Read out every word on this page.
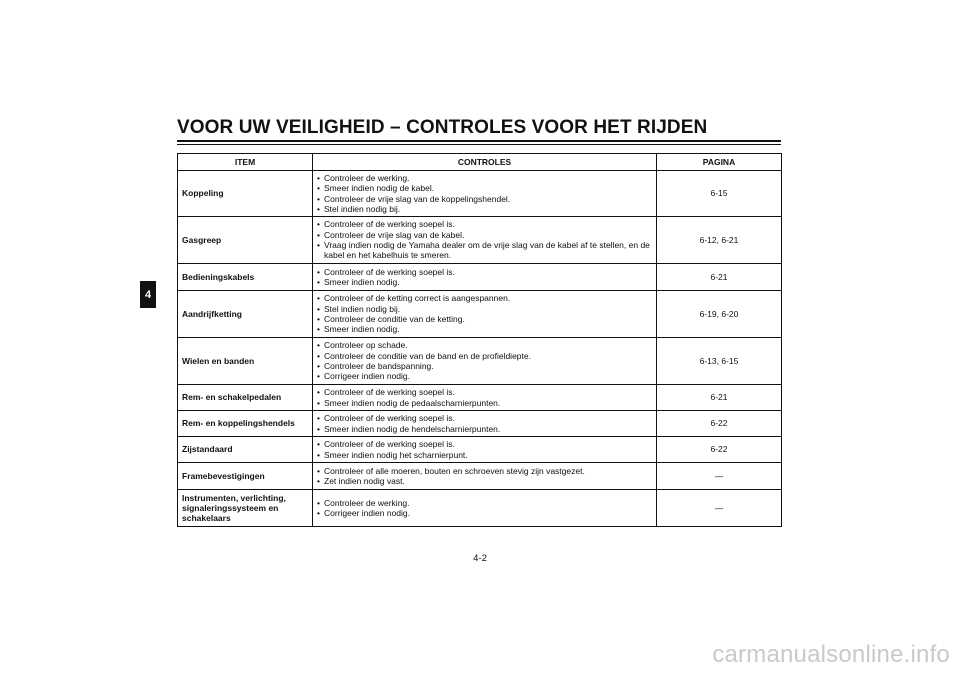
VOOR UW VEILIGHEID – CONTROLES VOOR HET RIJDEN
4
ITEM	CONTROLES	PAGINA
Koppeling	• Controleer de werking.
• Smeer indien nodig de kabel.
• Controleer de vrije slag van de koppelingshendel.
• Stel indien nodig bij.	6-15
Gasgreep	• Controleer of de werking soepel is.
• Controleer de vrije slag van de kabel.
• Vraag indien nodig de Yamaha dealer om de vrije slag van de kabel af te stellen, en de kabel en het kabelhuis te smeren.	6-12, 6-21
Bedieningskabels	• Controleer of de werking soepel is.
• Smeer indien nodig.	6-21
Aandrijfketting	• Controleer of de ketting correct is aangespannen.
• Stel indien nodig bij.
• Controleer de conditie van de ketting.
• Smeer indien nodig.	6-19, 6-20
Wielen en banden	• Controleer op schade.
• Controleer de conditie van de band en de profieldiepte.
• Controleer de bandspanning.
• Corrigeer indien nodig.	6-13, 6-15
Rem- en schakelpedalen	• Controleer of de werking soepel is.
• Smeer indien nodig de pedaalscharnierpunten.	6-21
Rem- en koppelingshendels	• Controleer of de werking soepel is.
• Smeer indien nodig de hendelscharnierpunten.	6-22
Zijstandaard	• Controleer of de werking soepel is.
• Smeer indien nodig het scharnierpunt.	6-22
Framebevestigingen	• Controleer of alle moeren, bouten en schroeven stevig zijn vastgezet.
• Zet indien nodig vast.	—
Instrumenten, verlichting, signaleringssysteem en schakelaars	• Controleer de werking.
• Corrigeer indien nodig.	—
4-2
carmanualsonline.info
